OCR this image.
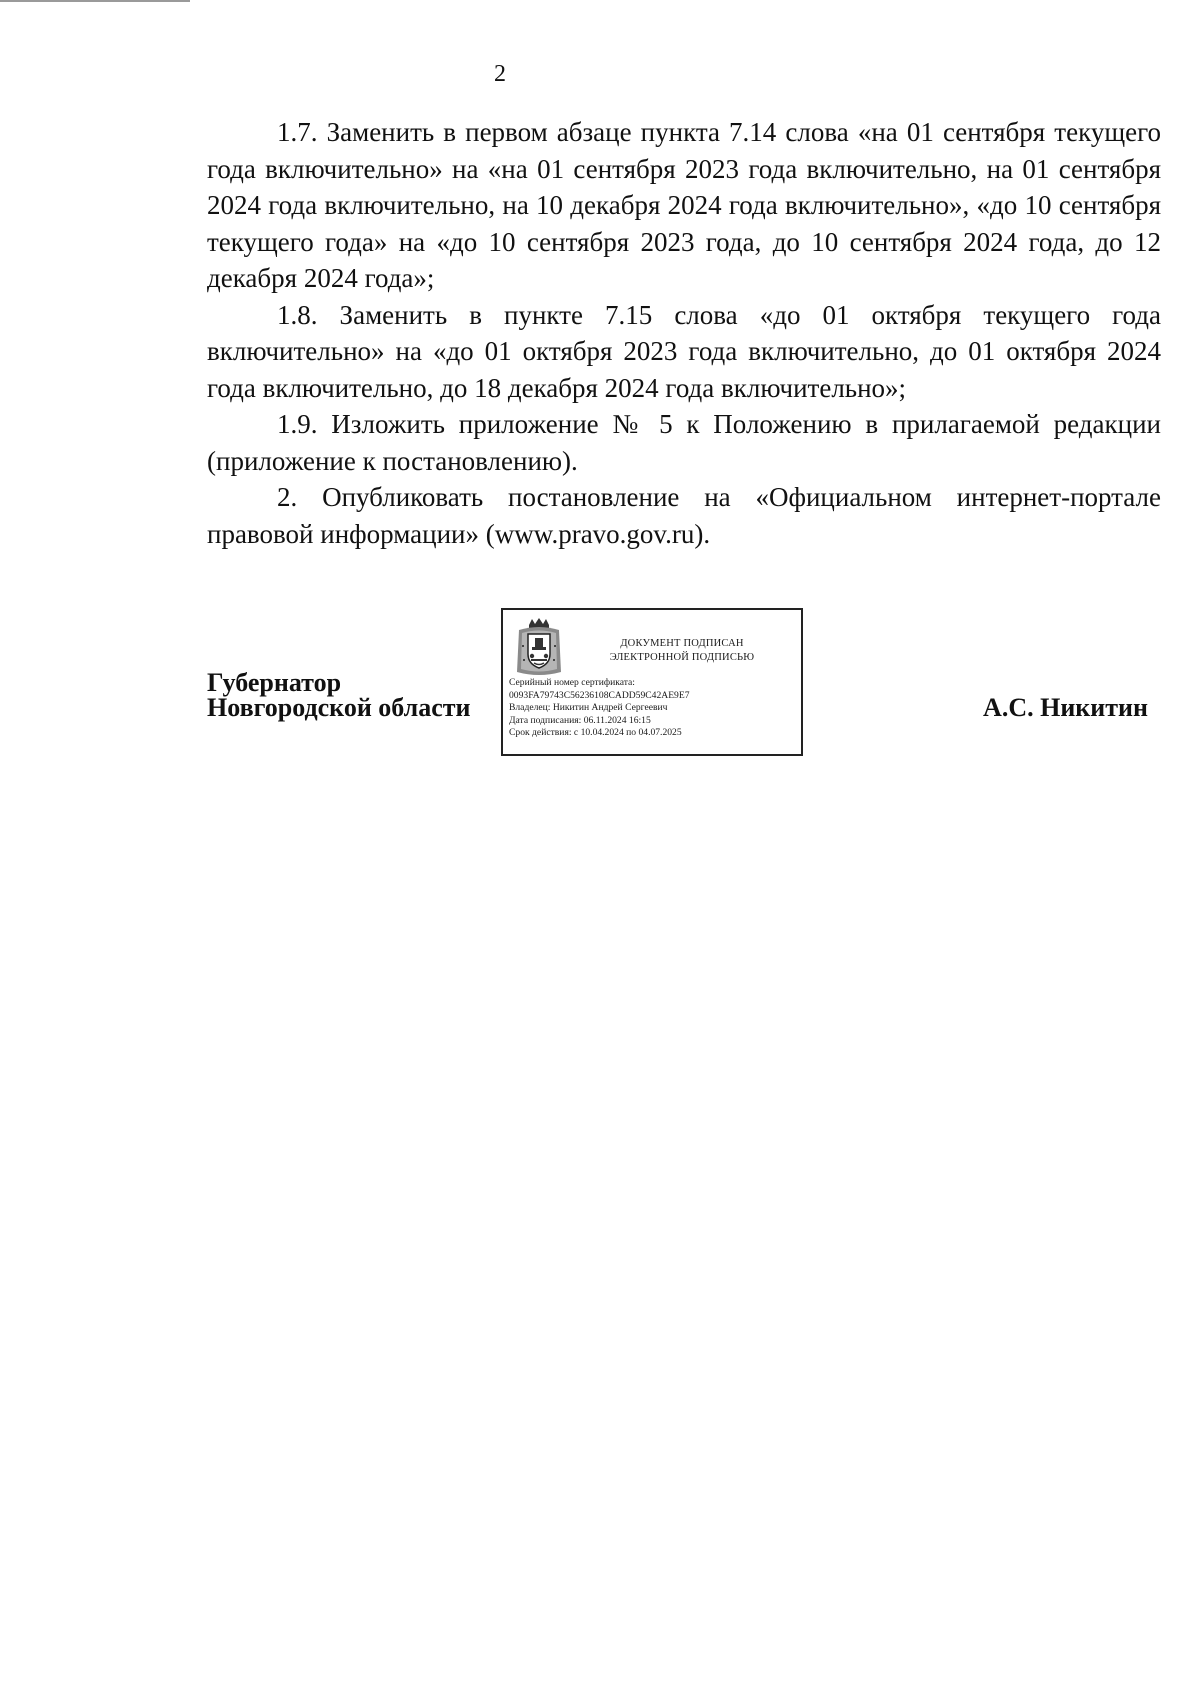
2

1.7. Заменить в первом абзаце пункта 7.14 слова «на 01 сентября текущего года включительно» на «на 01 сентября 2023 года включительно, на 01 сентября 2024 года включительно, на 10 декабря 2024 года включительно», «до 10 сентября текущего года» на «до 10 сентября 2023 года, до 10 сентября 2024 года, до 12 декабря 2024 года»;

1.8. Заменить в пункте 7.15 слова «до 01 октября текущего года включительно» на «до 01 октября 2023 года включительно, до 01 октября 2024 года включительно, до 18 декабря 2024 года включительно»;

1.9. Изложить приложение № 5 к Положению в прилагаемой редакции (приложение к постановлению).

2. Опубликовать постановление на «Официальном интернет-портале правовой информации» (www.pravo.gov.ru).

Губернатор
Новгородской области
ДОКУМЕНТ ПОДПИСАН
ЭЛЕКТРОННОЙ ПОДПИСЬЮ
Серийный номер сертификата:
0093FA79743C56236108CADD59C42AE9E7
Владелец: Никитин Андрей Сергеевич
Дата подписания: 06.11.2024 16:15
Срок действия: с 10.04.2024 по 04.07.2025
А.С. Никитин
